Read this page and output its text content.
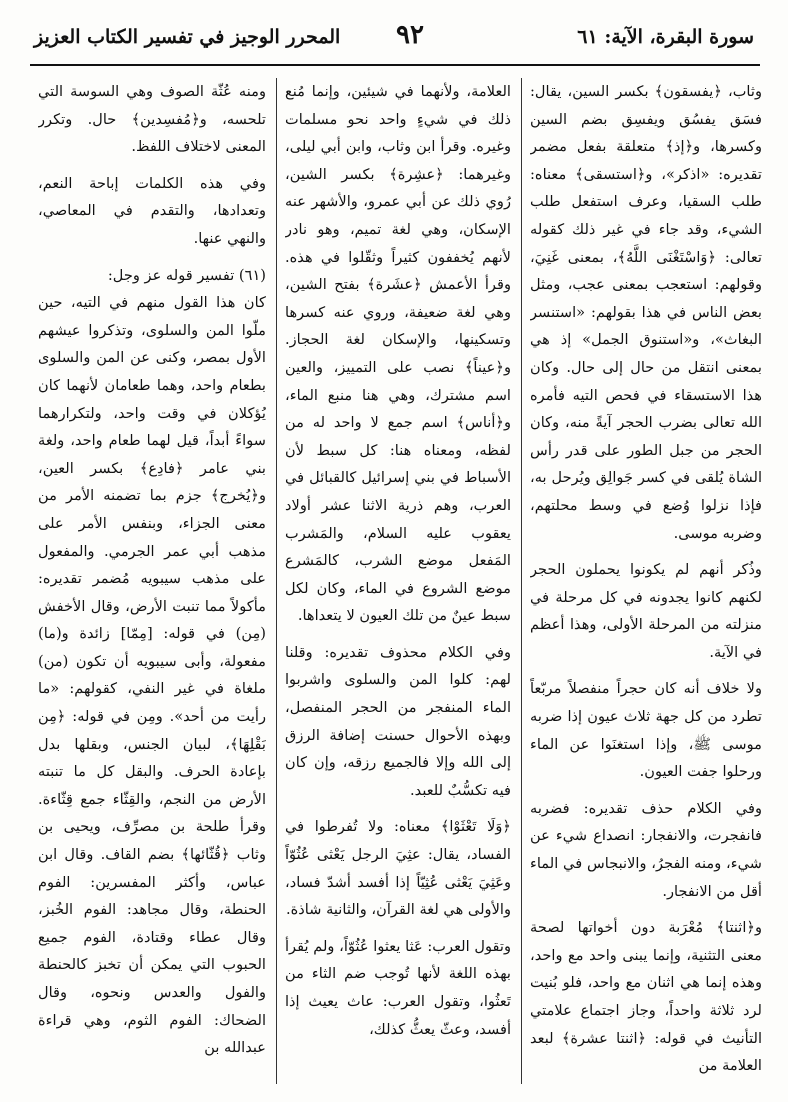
سورة البقرة، الآية: ٦١
٩٢
المحرر الوجيز في تفسير الكتاب العزيز

وثاب، ﴿يفسقون﴾ بكسر السين، يقال: فسَق يفسُق ويفسِق بضم السين وكسرها، و﴿إذ﴾ متعلقة بفعل مضمر تقديره: «اذكر»، و﴿استسقى﴾ معناه: طلب السقيا، وعرف استفعل طلب الشيء، وقد جاء في غير ذلك كقوله تعالى: ﴿وَاسْتَغْنَى اللَّهُ﴾، بمعنى غَنِيَ، وقولهم: استعجب بمعنى عجب، ومثل بعض الناس في هذا بقولهم: «استنسر البغاث»، و«استنوق الجمل» إذ هي بمعنى انتقل من حال إلى حال. وكان هذا الاستسقاء في فحص التيه فأمره الله تعالى بضرب الحجر آيةً منه، وكان الحجر من جبل الطور على قدر رأس الشاة يُلقى في كسر جَوالِق ويُرحل به، فإذا نزلوا وُضع في وسط محلتهم، وضربه موسى.

وذُكر أنهم لم يكونوا يحملون الحجر لكنهم كانوا يجدونه في كل مرحلة في منزلته من المرحلة الأولى، وهذا أعظم في الآية.

ولا خلاف أنه كان حجراً منفصلاً مربّعاً تطرد من كل جهة ثلاث عيون إذا ضربه موسى ﷺ، وإذا استغنَوا عن الماء ورحلوا جفت العيون.

وفي الكلام حذف تقديره: فضربه فانفجرت، والانفجار: انصداع شيء عن شيء، ومنه الفجرُ، والانبجاس في الماء أقل من الانفجار.

و﴿اثنتا﴾ مُعْرَبة دون أخواتها لصحة معنى التثنية، وإنما يبنى واحد مع واحد، وهذه إنما هي اثنان مع واحد، فلو بُنيت لرد ثلاثة واحداً، وجاز اجتماع علامتي التأنيث في قوله: ﴿اثنتا عشرة﴾ لبعد العلامة من

العلامة، ولأنهما في شيئين، وإنما مُنع ذلك في شيءٍ واحد نحو مسلمات وغيره. وقرأ ابن وثاب، وابن أبي ليلى، وغيرهما: ﴿عشِرة﴾ بكسر الشين، رُوي ذلك عن أبي عمرو، والأشهر عنه الإسكان، وهي لغة تميم، وهو نادر لأنهم يُخففون كثيراً وثقّلوا في هذه. وقرأ الأعمش ﴿عشَرة﴾ بفتح الشين، وهي لغة ضعيفة، وروي عنه كسرها وتسكينها، والإسكان لغة الحجاز. و﴿عيناً﴾ نصب على التمييز، والعين اسم مشترك، وهي هنا منبع الماء، و﴿أناس﴾ اسم جمع لا واحد له من لفظه، ومعناه هنا: كل سبط لأن الأسباط في بني إسرائيل كالقبائل في العرب، وهم ذرية الاثنا عشر أولاد يعقوب عليه السلام، والمَشرب المَفعل موضع الشرب، كالمَشرع موضع الشروع في الماء، وكان لكل سبط عينٌ من تلك العيون لا يتعداها.

وفي الكلام محذوف تقديره: وقلنا لهم: كلوا المن والسلوى واشربوا الماء المنفجر من الحجر المنفصل، وبهذه الأحوال حسنت إضافة الرزق إلى الله وإلا فالجميع رزقه، وإن كان فيه تكسُّبٌ للعبد.

﴿وَلَا تَعْثَوْا﴾ معناه: ولا تُفرطوا في الفساد، يقال: عثِيَ الرجل يَعْثى عُثُوّاً وعَثِيَ يَعْثى عُثِيّاً إذا أفسد أشدّ فساد، والأولى هي لغة القرآن، والثانية شاذة.

وتقول العرب: عَثا يعثوا عُثُوّاً، ولم يُقرأ بهذه اللغة لأنها تُوجب ضم الثاء من تَعثُوا، وتقول العرب: عاث يعيث إذا أفسد، وعثّ يعثُّ كذلك،

ومنه عُثّة الصوف وهي السوسة التي تلحسه، و﴿مُفسِدين﴾ حال. وتكرر المعنى لاختلاف اللفظ.

وفي هذه الكلمات إباحة النعم، وتعدادها، والتقدم في المعاصي، والنهي عنها.

(٦١) تفسير قوله عز وجل:

كان هذا القول منهم في التيه، حين ملّوا المن والسلوى، وتذكروا عيشهم الأول بمصر، وكنى عن المن والسلوى بطعام واحد، وهما طعامان لأنهما كان يُؤكلان في وقت واحد، ولتكرارهما سواءً أبداً، قيل لهما طعام واحد، ولغة بني عامر ﴿فادِع﴾ بكسر العين، و﴿يُخرج﴾ جزم بما تضمنه الأمر من معنى الجزاء، وبنفس الأمر على مذهب أبي عمر الجرمي. والمفعول على مذهب سيبويه مُضمر تقديره: مأكولاً مما تنبت الأرض، وقال الأخفش (مِن) في قوله: [مِمّا] زائدة و(ما) مفعولة، وأبى سيبويه أن تكون (من) ملغاة في غير النفي، كقولهم: «ما رأيت من أحد». ومِن في قوله: ﴿مِن بَقْلِهَا﴾، لبيان الجنس، وبقلها بدل بإعادة الحرف. والبقل كل ما تنبته الأرض من النجم، والقِثّاء جمع قِثّاءة. وقرأ طلحة بن مصرِّف، ويحيى بن وثاب ﴿قُثّائها﴾ بضم القاف. وقال ابن عباس، وأكثر المفسرين: الفوم الحنطة، وقال مجاهد: الفوم الخُبز، وقال عطاء وقتادة، الفوم جميع الحبوب التي يمكن أن تخبز كالحنطة والفول والعدس ونحوه، وقال الضحاك: الفوم الثوم، وهي قراءة عبدالله بن
